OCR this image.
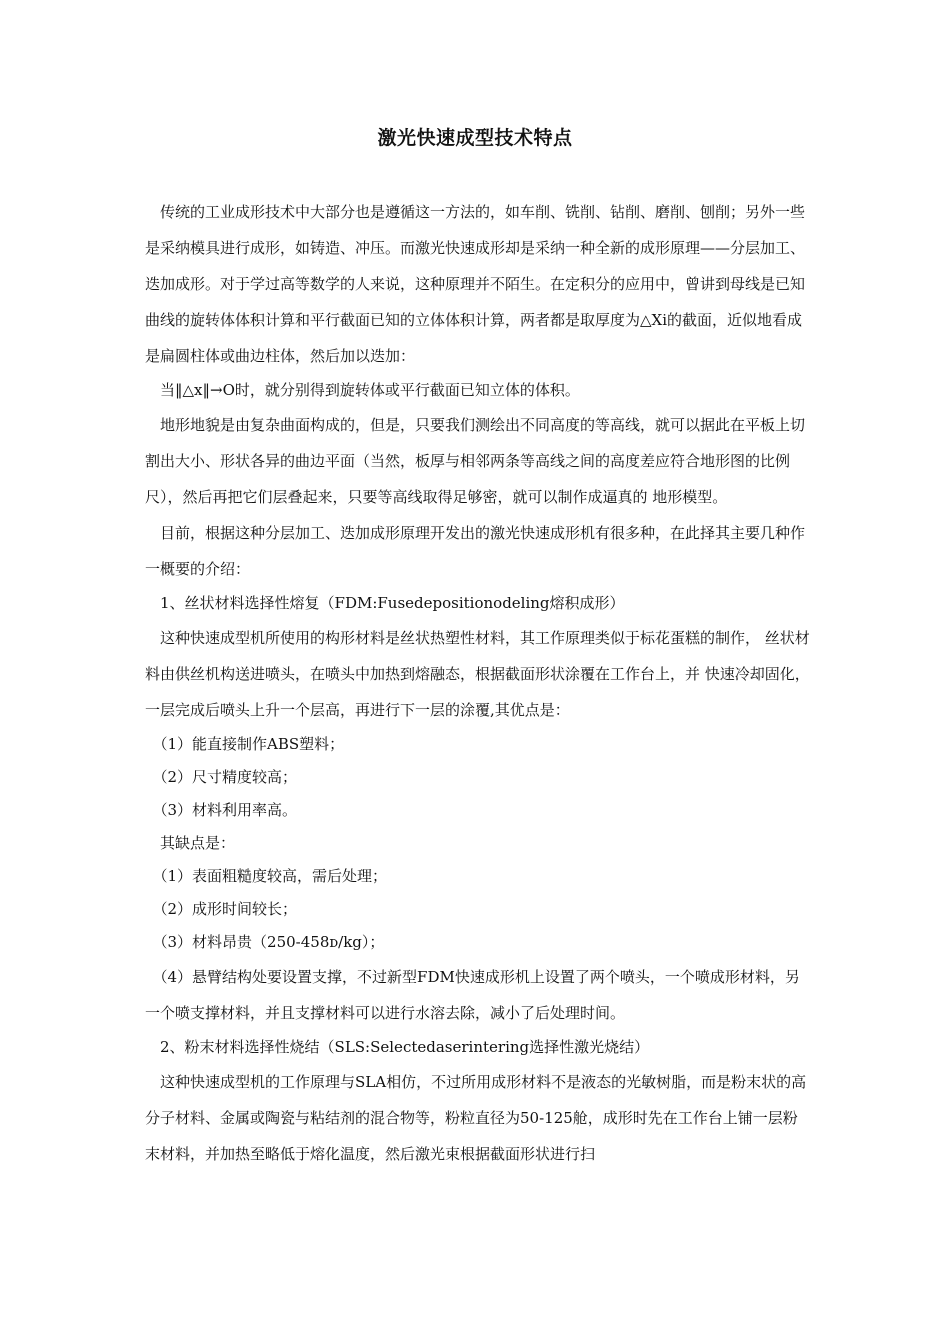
激光快速成型技术特点

　传统的工业成形技术中大部分也是遵循这一方法的，如车削、铣削、钻削、磨削、刨削；另外一些是采纳模具进行成形，如铸造、冲压。而激光快速成形却是采纳一种全新的成形原理——分层加工、迭加成形。对于学过高等数学的人来说，这种原理并不陌生。在定积分的应用中，曾讲到母线是已知曲线的旋转体体积计算和平行截面已知的立体体积计算，两者都是取厚度为△Xi的截面，近似地看成是扁圆柱体或曲边柱体，然后加以迭加：

　当‖△x‖→O时，就分别得到旋转体或平行截面已知立体的体积。

　地形地貌是由复杂曲面构成的，但是，只要我们测绘出不同高度的等高线，就可以据此在平板上切割出大小、形状各异的曲边平面（当然，板厚与相邻两条等高线之间的高度差应符合地形图的比例尺），然后再把它们层叠起来，只要等高线取得足够密，就可以制作成逼真的 地形模型。

　目前，根据这种分层加工、迭加成形原理开发出的激光快速成形机有很多种，在此择其主要几种作一概要的介绍：

　1、丝状材料选择性熔复（FDM:Fusedepositionodeling熔积成形）

　这种快速成型机所使用的构形材料是丝状热塑性材料，其工作原理类似于标花蛋糕的制作， 丝状材料由供丝机构送进喷头，在喷头中加热到熔融态，根据截面形状涂覆在工作台上，并 快速冷却固化，一层完成后喷头上升一个层高，再进行下一层的涂覆,其优点是：

　（1）能直接制作ABS塑料；

　（2）尺寸精度较高；

　（3）材料利用率高。

　其缺点是：

　（1）表面粗糙度较高，需后处理；

　（2）成形时间较长；

　（3）材料昂贵（250-458ᴅ/kg）；

　（4）悬臂结构处要设置支撑，不过新型FDM快速成形机上设置了两个喷头，一个喷成形材料，另一个喷支撑材料，并且支撑材料可以进行水溶去除，减小了后处理时间。

　2、粉末材料选择性烧结（SLS:Selectedaserintering选择性激光烧结）

　这种快速成型机的工作原理与SLA相仿，不过所用成形材料不是液态的光敏树脂，而是粉末状的高分子材料、金属或陶瓷与粘结剂的混合物等，粉粒直径为50-125舱，成形时先在工作台上铺一层粉末材料，并加热至略低于熔化温度，然后激光束根据截面形状进行扫
